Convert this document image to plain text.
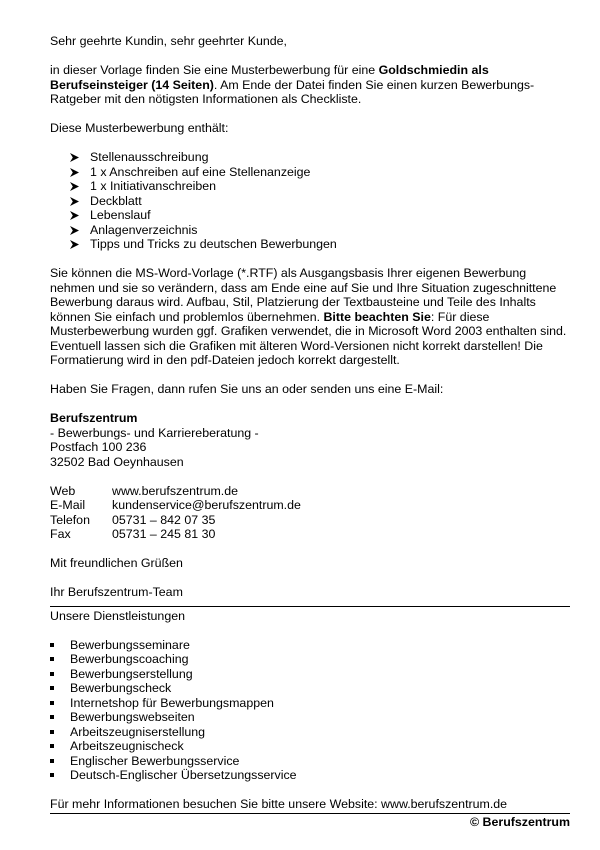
Sehr geehrte Kundin, sehr geehrter Kunde,

in dieser Vorlage finden Sie eine Musterbewerbung für eine Goldschmiedin als Berufseinsteiger (14 Seiten). Am Ende der Datei finden Sie einen kurzen Bewerbungs-Ratgeber mit den nötigsten Informationen als Checkliste.

Diese Musterbewerbung enthält:

Stellenausschreibung
1 x Anschreiben auf eine Stellenanzeige
1 x Initiativanschreiben
Deckblatt
Lebenslauf
Anlagenverzeichnis
Tipps und Tricks zu deutschen Bewerbungen

Sie können die MS-Word-Vorlage (*.RTF) als Ausgangsbasis Ihrer eigenen Bewerbung nehmen und sie so verändern, dass am Ende eine auf Sie und Ihre Situation zugeschnittene Bewerbung daraus wird. Aufbau, Stil, Platzierung der Textbausteine und Teile des Inhalts können Sie einfach und problemlos übernehmen. Bitte beachten Sie: Für diese Musterbewerbung wurden ggf. Grafiken verwendet, die in Microsoft Word 2003 enthalten sind. Eventuell lassen sich die Grafiken mit älteren Word-Versionen nicht korrekt darstellen! Die Formatierung wird in den pdf-Dateien jedoch korrekt dargestellt.

Haben Sie Fragen, dann rufen Sie uns an oder senden uns eine E-Mail:

Berufszentrum

- Bewerbungs- und Karriereberatung -

Postfach 100 236

32502 Bad Oeynhausen

Web	www.berufszentrum.de
E-Mail	kundenservice@berufszentrum.de
Telefon	05731 – 842 07 35
Fax	05731 – 245 81 30

Mit freundlichen Grüßen

Ihr Berufszentrum-Team

Unsere Dienstleistungen

Bewerbungsseminare
Bewerbungscoaching
Bewerbungserstellung
Bewerbungscheck
Internetshop für Bewerbungsmappen
Bewerbungswebseiten
Arbeitszeugniserstellung
Arbeitszeugnischeck
Englischer Bewerbungsservice
Deutsch-Englischer Übersetzungsservice

Für mehr Informationen besuchen Sie bitte unsere Website: www.berufszentrum.de

© Berufszentrum
